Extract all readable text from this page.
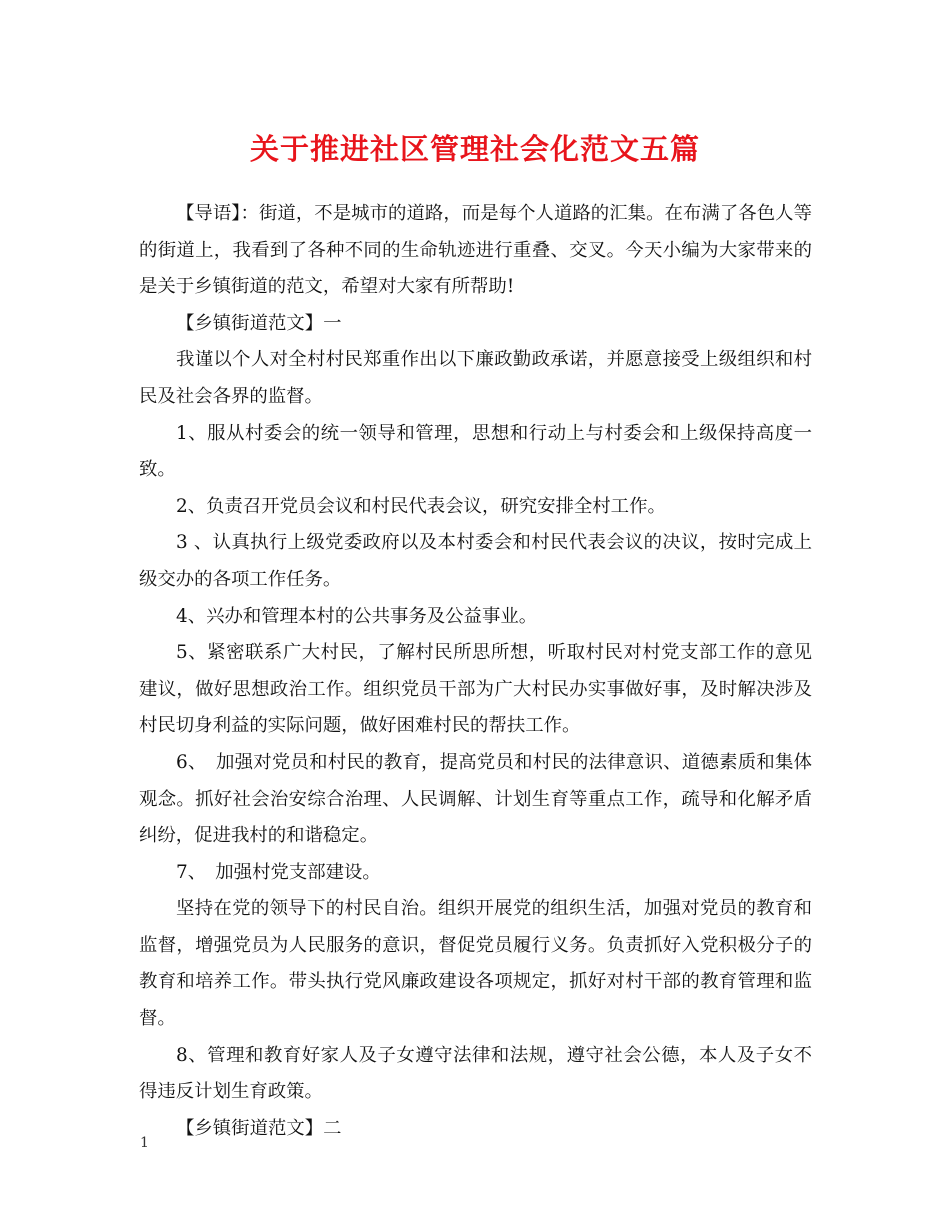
关于推进社区管理社会化范文五篇

【导语】：街道，不是城市的道路，而是每个人道路的汇集。在布满了各色人等的街道上，我看到了各种不同的生命轨迹进行重叠、交叉。今天小编为大家带来的是关于乡镇街道的范文，希望对大家有所帮助!

【乡镇街道范文】一

我谨以个人对全村村民郑重作出以下廉政勤政承诺，并愿意接受上级组织和村民及社会各界的监督。

1、服从村委会的统一领导和管理，思想和行动上与村委会和上级保持高度一致。

2、负责召开党员会议和村民代表会议，研究安排全村工作。

3 、认真执行上级党委政府以及本村委会和村民代表会议的决议，按时完成上级交办的各项工作任务。

4、兴办和管理本村的公共事务及公益事业。

5、紧密联系广大村民，了解村民所思所想，听取村民对村党支部工作的意见建议，做好思想政治工作。组织党员干部为广大村民办实事做好事，及时解决涉及村民切身利益的实际问题，做好困难村民的帮扶工作。

6、　加强对党员和村民的教育，提高党员和村民的法律意识、道德素质和集体观念。抓好社会治安综合治理、人民调解、计划生育等重点工作，疏导和化解矛盾纠纷，促进我村的和谐稳定。

7、　加强村党支部建设。

坚持在党的领导下的村民自治。组织开展党的组织生活，加强对党员的教育和监督，增强党员为人民服务的意识，督促党员履行义务。负责抓好入党积极分子的教育和培养工作。带头执行党风廉政建设各项规定，抓好对村干部的教育管理和监督。

8、管理和教育好家人及子女遵守法律和法规，遵守社会公德，本人及子女不得违反计划生育政策。

【乡镇街道范文】二

1
